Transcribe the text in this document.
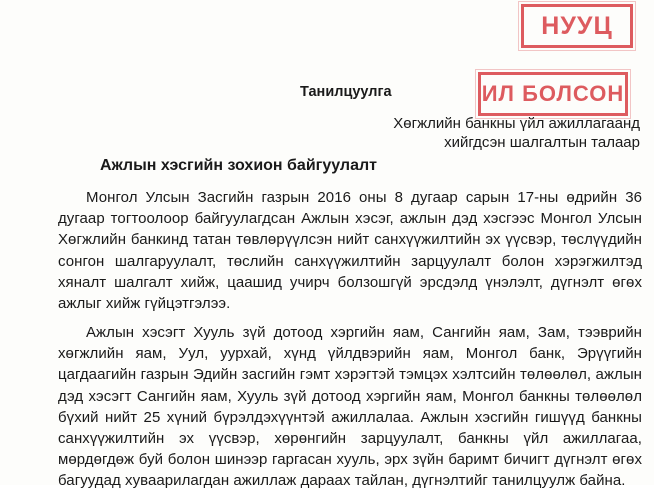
НУУЦ
ИЛ БОЛСОН
Танилцуулга
Хөгжлийн банкны үйл ажиллагаанд хийгдсэн шалгалтын талаар
Ажлын хэсгийн зохион байгуулалт
Монгол Улсын Засгийн газрын 2016 оны 8 дугаар сарын 17-ны өдрийн 36 дугаар тогтоолоор байгуулагдсан Ажлын хэсэг, ажлын дэд хэсгээс Монгол Улсын Хөгжлийн банкинд татан төвлөрүүлсэн нийт санхүүжилтийн эх үүсвэр, төслүүдийн сонгон шалгаруулалт, төслийн санхүүжилтийн зарцуулалт болон хэрэгжилтэд хяналт шалгалт хийж, цаашид учирч болзошгүй эрсдэлд үнэлэлт, дүгнэлт өгөх ажлыг хийж гүйцэтгэлээ.
Ажлын хэсэгт Хууль зүй дотоод хэргийн яам, Сангийн яам, Зам, тээврийн хөгжлийн яам, Уул, уурхай, хүнд үйлдвэрийн яам, Монгол банк, Эрүүгийн цагдаагийн газрын Эдийн засгийн гэмт хэрэгтэй тэмцэх хэлтсийн төлөөлөл, ажлын дэд хэсэгт Сангийн яам, Хууль зүй дотоод хэргийн яам, Монгол банкны төлөөлөл бүхий нийт 25 хүний бүрэлдэхүүнтэй ажиллалаа. Ажлын хэсгийн гишүүд банкны санхүүжилтийн эх үүсвэр, хөрөнгийн зарцуулалт, банкны үйл ажиллагаа, мөрдөгдөж буй болон шинээр гаргасан хууль, эрх зүйн баримт бичигт дүгнэлт өгөх багуудад хуваарилагдан ажиллаж дараах тайлан, дүгнэлтийг танилцуулж байна.
